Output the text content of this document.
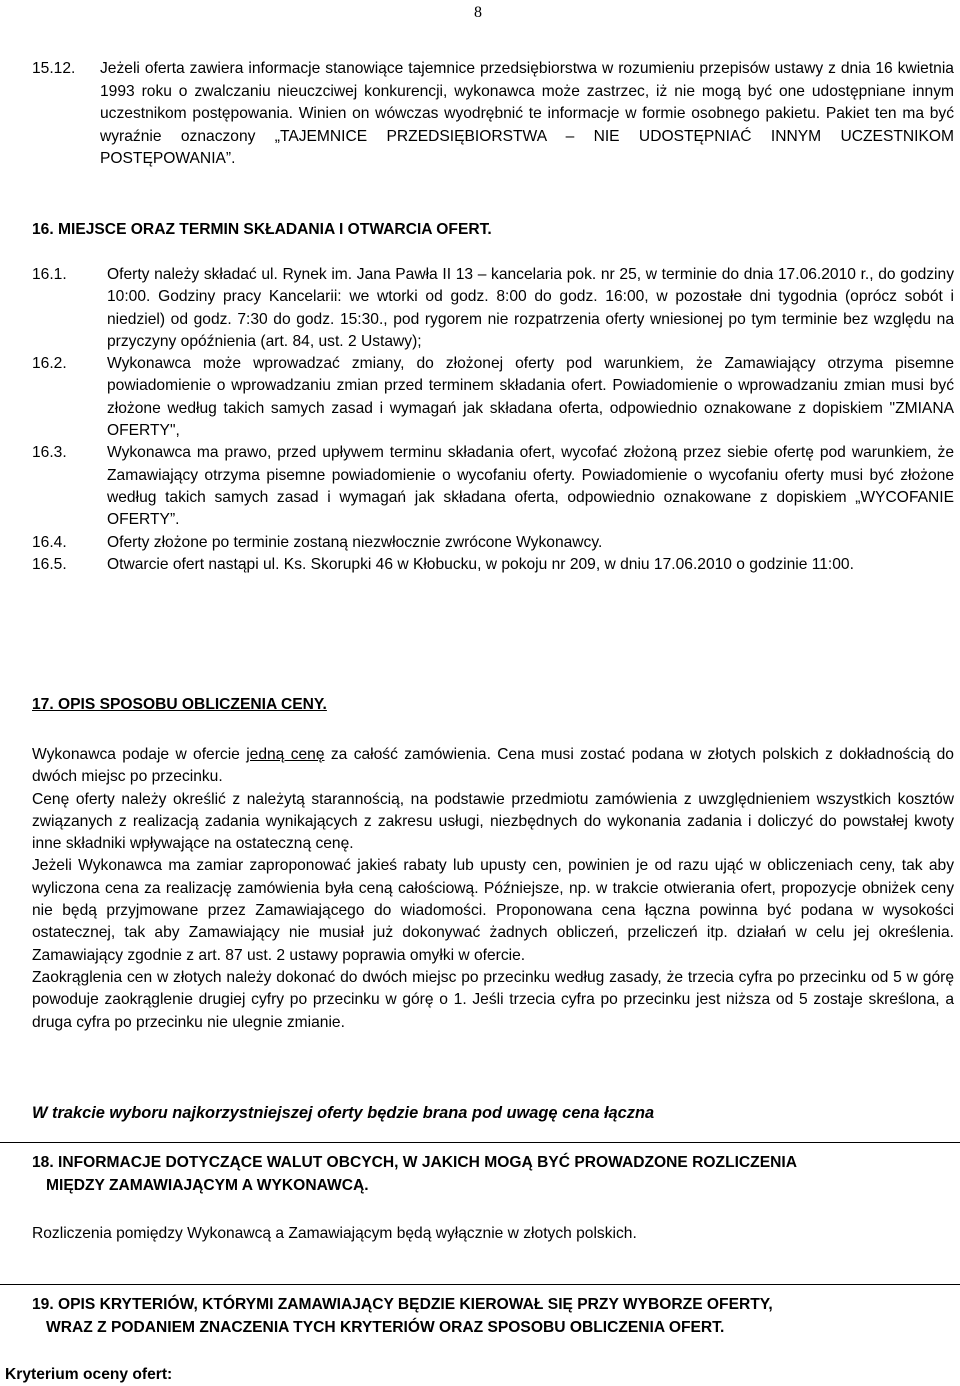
8
15.12.	Jeżeli oferta zawiera informacje stanowiące tajemnice przedsiębiorstwa w rozumieniu przepisów ustawy z dnia 16 kwietnia 1993 roku o zwalczaniu nieuczciwej konkurencji, wykonawca może zastrzec, iż nie mogą być one udostępniane innym uczestnikom postępowania. Winien on wówczas wyodrębnić te informacje w formie osobnego pakietu. Pakiet ten ma być wyraźnie oznaczony „TAJEMNICE PRZEDSIĘBIORSTWA – NIE UDOSTĘPNIAĆ INNYM UCZESTNIKOM POSTĘPOWANIA”.
16. MIEJSCE ORAZ TERMIN SKŁADANIA I OTWARCIA OFERT.
16.1.	Oferty należy składać ul. Rynek im. Jana Pawła II 13 – kancelaria pok. nr 25, w terminie do dnia 17.06.2010 r., do godziny 10:00. Godziny pracy Kancelarii: we wtorki od godz. 8:00 do godz. 16:00, w pozostałe dni tygodnia (oprócz sobót i niedziel) od godz. 7:30 do godz. 15:30., pod rygorem nie rozpatrzenia oferty wniesionej po tym terminie bez względu na przyczyny opóźnienia (art. 84, ust. 2 Ustawy);
16.2.	Wykonawca może wprowadzać zmiany, do złożonej oferty pod warunkiem, że Zamawiający otrzyma pisemne powiadomienie o wprowadzaniu zmian przed terminem składania ofert. Powiadomienie o wprowadzaniu zmian musi być złożone według takich samych zasad i wymagań jak składana oferta, odpowiednio oznakowane z dopiskiem "ZMIANA OFERTY",
16.3.	Wykonawca ma prawo, przed upływem terminu składania ofert, wycofać złożoną przez siebie ofertę pod warunkiem, że Zamawiający otrzyma pisemne powiadomienie o wycofaniu oferty. Powiadomienie o wycofaniu oferty musi być złożone według takich samych zasad i wymagań jak składana oferta, odpowiednio oznakowane z dopiskiem „WYCOFANIE OFERTY”.
16.4.	Oferty złożone po terminie zostaną niezwłocznie zwrócone Wykonawcy.
16.5.	Otwarcie ofert nastąpi ul. Ks. Skorupki 46 w Kłobucku, w pokoju nr 209, w dniu 17.06.2010 o godzinie 11:00.
17. OPIS SPOSOBU OBLICZENIA CENY.

Wykonawca podaje w ofercie jedną cenę za całość zamówienia. Cena musi zostać podana w złotych polskich z dokładnością do dwóch miejsc po przecinku.

Cenę oferty należy określić z należytą starannością, na podstawie przedmiotu zamówienia z uwzględnieniem wszystkich kosztów związanych z realizacją zadania wynikających z zakresu usługi, niezbędnych do wykonania zadania i doliczyć do powstałej kwoty inne składniki wpływające na ostateczną cenę.

Jeżeli Wykonawca ma zamiar zaproponować jakieś rabaty lub upusty cen, powinien je od razu ująć w obliczeniach ceny, tak aby wyliczona cena za realizację zamówienia była ceną całościową. Późniejsze, np. w trakcie otwierania ofert, propozycje obniżek ceny nie będą przyjmowane przez Zamawiającego do wiadomości. Proponowana cena łączna powinna być podana w wysokości ostatecznej, tak aby Zamawiający nie musiał już dokonywać żadnych obliczeń, przeliczeń itp. działań w celu jej określenia. Zamawiający zgodnie z art. 87 ust. 2 ustawy poprawia omyłki w ofercie.

Zaokrąglenia cen w złotych należy dokonać do dwóch miejsc po przecinku według zasady, że trzecia cyfra po przecinku od 5 w górę powoduje zaokrąglenie drugiej cyfry po przecinku w górę o 1. Jeśli trzecia cyfra po przecinku jest niższa od 5 zostaje skreślona, a druga cyfra po przecinku nie ulegnie zmianie.

W trakcie wyboru najkorzystniejszej oferty będzie brana pod uwagę cena łączna
18. INFORMACJE DOTYCZĄCE WALUT OBCYCH, W JAKICH MOGĄ BYĆ PROWADZONE ROZLICZENIA
MIĘDZY ZAMAWIAJĄCYM A WYKONAWCĄ.
Rozliczenia pomiędzy Wykonawcą a Zamawiającym będą wyłącznie w złotych polskich.
19. OPIS KRYTERIÓW, KTÓRYMI ZAMAWIAJĄCY BĘDZIE KIEROWAŁ SIĘ PRZY WYBORZE OFERTY,
WRAZ Z PODANIEM ZNACZENIA TYCH KRYTERIÓW ORAZ SPOSOBU OBLICZENIA OFERT.
Kryterium oceny ofert:
